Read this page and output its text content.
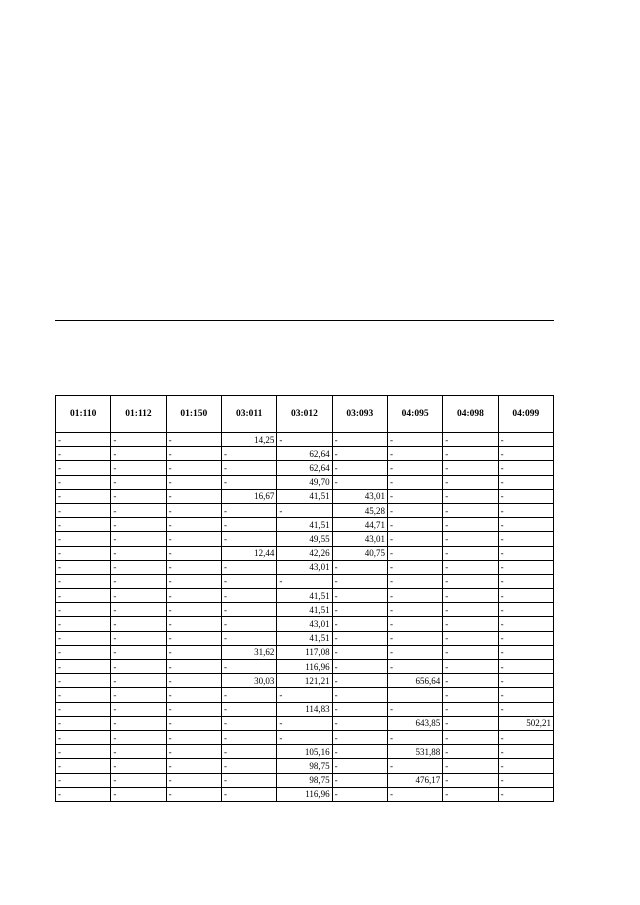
01:110	01:112	01:150	03:011	03:012	03:093	04:095	04:098	04:099
-	-	-	14,25	-	-	-	-	-
-	-	-	-	62,64	-	-	-	-
-	-	-	-	62,64	-	-	-	-
-	-	-	-	49,70	-	-	-	-
-	-	-	16,67	41,51	43,01	-	-	-
-	-	-	-	-	45,28	-	-	-
-	-	-	-	41,51	44,71	-	-	-
-	-	-	-	49,55	43,01	-	-	-
-	-	-	12,44	42,26	40,75	-	-	-
-	-	-	-	43,01	-	-	-	-
-	-	-	-	-	-	-	-	-
-	-	-	-	41,51	-	-	-	-
-	-	-	-	41,51	-	-	-	-
-	-	-	-	43,01	-	-	-	-
-	-	-	-	41,51	-	-	-	-
-	-	-	31,62	117,08	-	-	-	-
-	-	-	-	116,96	-	-	-	-
-	-	-	30,03	121,21	-	656,64	-	-
-	-	-	-	-	-		-	-
-	-	-	-	114,83	-	-	-	-
-	-	-	-	-	-	643,85	-	502,21
-	-	-	-	-	-	-	-	-
-	-	-	-	105,16	-	531,88	-	-
-	-	-	-	98,75	-	-	-	-
-	-	-	-	98,75	-	476,17	-	-
-	-	-	-	116,96	-	-	-	-
